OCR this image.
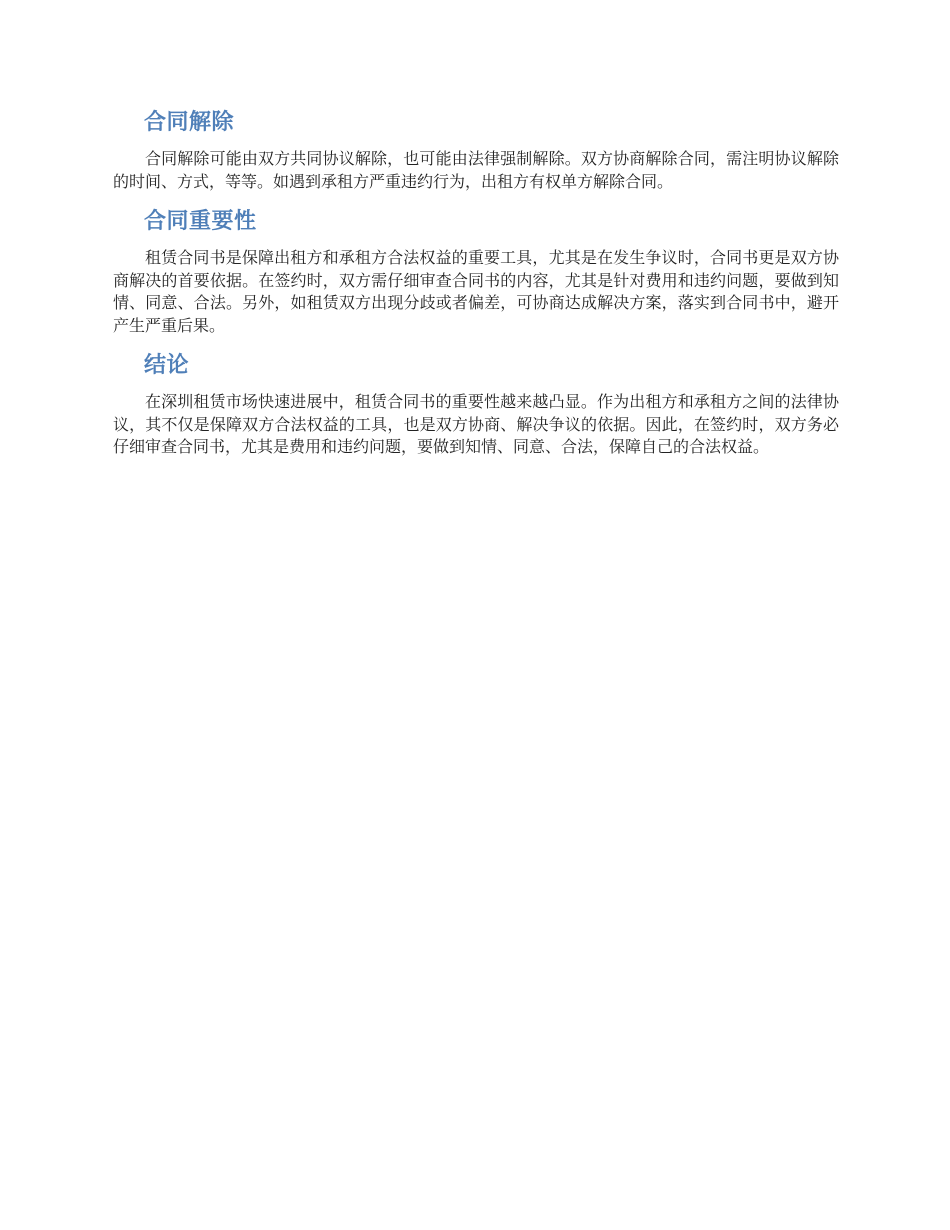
合同解除

合同解除可能由双方共同协议解除，也可能由法律强制解除。双方协商解除合同，需注明协议解除的时间、方式，等等。如遇到承租方严重违约行为，出租方有权单方解除合同。

合同重要性

租赁合同书是保障出租方和承租方合法权益的重要工具，尤其是在发生争议时，合同书更是双方协商解决的首要依据。在签约时，双方需仔细审查合同书的内容，尤其是针对费用和违约问题，要做到知情、同意、合法。另外，如租赁双方出现分歧或者偏差，可协商达成解决方案，落实到合同书中，避开产生严重后果。

结论

在深圳租赁市场快速进展中，租赁合同书的重要性越来越凸显。作为出租方和承租方之间的法律协议，其不仅是保障双方合法权益的工具，也是双方协商、解决争议的依据。因此，在签约时，双方务必仔细审查合同书，尤其是费用和违约问题，要做到知情、同意、合法，保障自己的合法权益。
